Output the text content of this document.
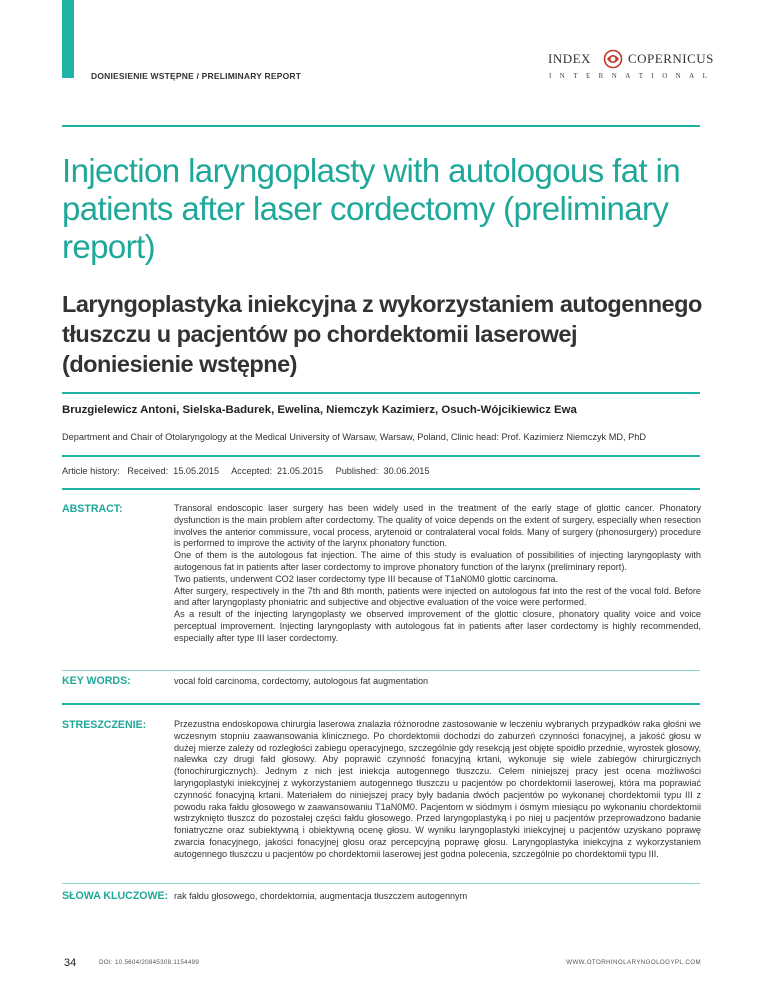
DONIESIENIE WSTĘPNE / PRELIMINARY REPORT
INDEX	COPERNICUS
I N T E R N A T I O N A L
Injection laryngoplasty with autologous fat in patients after laser cordectomy (preliminary report)
Laryngoplastyka iniekcyjna z wykorzystaniem autogennego tłuszczu u pacjentów po chordektomii laserowej (doniesienie wstępne)
Bruzgielewicz Antoni, Sielska-Badurek, Ewelina, Niemczyk Kazimierz, Osuch-Wójcikiewicz Ewa
Department and Chair of Otolaryngology at the Medical University of Warsaw, Warsaw, Poland, Clinic head: Prof. Kazimierz Niemczyk MD, PhD
Article history: Received: 15.05.2015 Accepted: 21.05.2015 Published: 30.06.2015
ABSTRACT:	Transoral endoscopic laser surgery has been widely used in the treatment of the early stage of glottic cancer. Phonatory dysfunction is the main problem after cordectomy. The quality of voice depends on the extent of surgery, especially when resection involves the anterior commissure, vocal process, arytenoid or contralateral vocal folds. Many of surgery (phonosurgery) procedure is performed to improve the activity of the larynx phonatory function.

One of them is the autologous fat injection. The aime of this study is evaluation of possibilities of injecting laryngoplasty with autogenous fat in patients after laser cordectomy to improve phonatory function of the larynx (preliminary report).

Two patients, underwent CO2 laser cordectomy type III because of T1aN0M0 glottic carcinoma.

After surgery, respectively in the 7th and 8th month, patients were injected on autologous fat into the rest of the vocal fold. Before and after laryngoplasty phoniatric and subjective and objective evaluation of the voice were performed.

As a result of the injecting laryngoplasty we observed improvement of the glottic closure, phonatory quality voice and voice perceptual improvement. Injecting laryngoplasty with autologous fat in patients after laser cordectomy is highly recommended, especially after type III laser cordectomy.

KEY WORDS:	vocal fold carcinoma, cordectomy, autologous fat augmentation
STRESZCZENIE:	Przezustna endoskopowa chirurgia laserowa znalazła różnorodne zastosowanie w leczeniu wybranych przypadków raka głośni we wczesnym stopniu zaawansowania klinicznego. Po chordektomii dochodzi do zaburzeń czynności fonacyjnej, a jakość głosu w dużej mierze zależy od rozległości zabiegu operacyjnego, szczególnie gdy resekcją jest objęte spoidło przednie, wyrostek głosowy, nalewka czy drugi fałd głosowy. Aby poprawić czynność fonacyjną krtani, wykonuje się wiele zabiegów chirurgicznych (fonochirurgicznych). Jednym z nich jest iniekcja autogennego tłuszczu. Celem niniejszej pracy jest ocena możliwości laryngoplastyki iniekcyjnej z wykorzystaniem autogennego tłuszczu u pacjentów po chordektomii laserowej, która ma poprawiać czynność fonacyjną krtani. Materiałem do niniejszej pracy były badania dwóch pacjentów po wykonanej chordektomii typu III z powodu raka fałdu głosowego w zaawansowaniu T1aN0M0. Pacjentom w siódmym i ósmym miesiącu po wykonaniu chordektomii wstrzyknięto tłuszcz do pozostałej części fałdu głosowego. Przed laryngoplastyką i po niej u pacjentów przeprowadzono badanie foniatryczne oraz subiektywną i obiektywną ocenę głosu. W wyniku laryngoplastyki iniekcyjnej u pacjentów uzyskano poprawę zwarcia fonacyjnego, jakości fonacyjnej głosu oraz percepcyjną poprawę głosu. Laryngoplastyka iniekcyjna z wykorzystaniem autogennego tłuszczu u pacjentów po chordektomii laserowej jest godna polecenia, szczególnie po chordektomii typu III.
SŁOWA KLUCZOWE: rak fałdu głosowego, chordektomia, augmentacja tłuszczem autogennym
34	DOI: 10.5604/20845308.1154499	WWW.OTORHINOLARYNGOLOGYPL.COM
